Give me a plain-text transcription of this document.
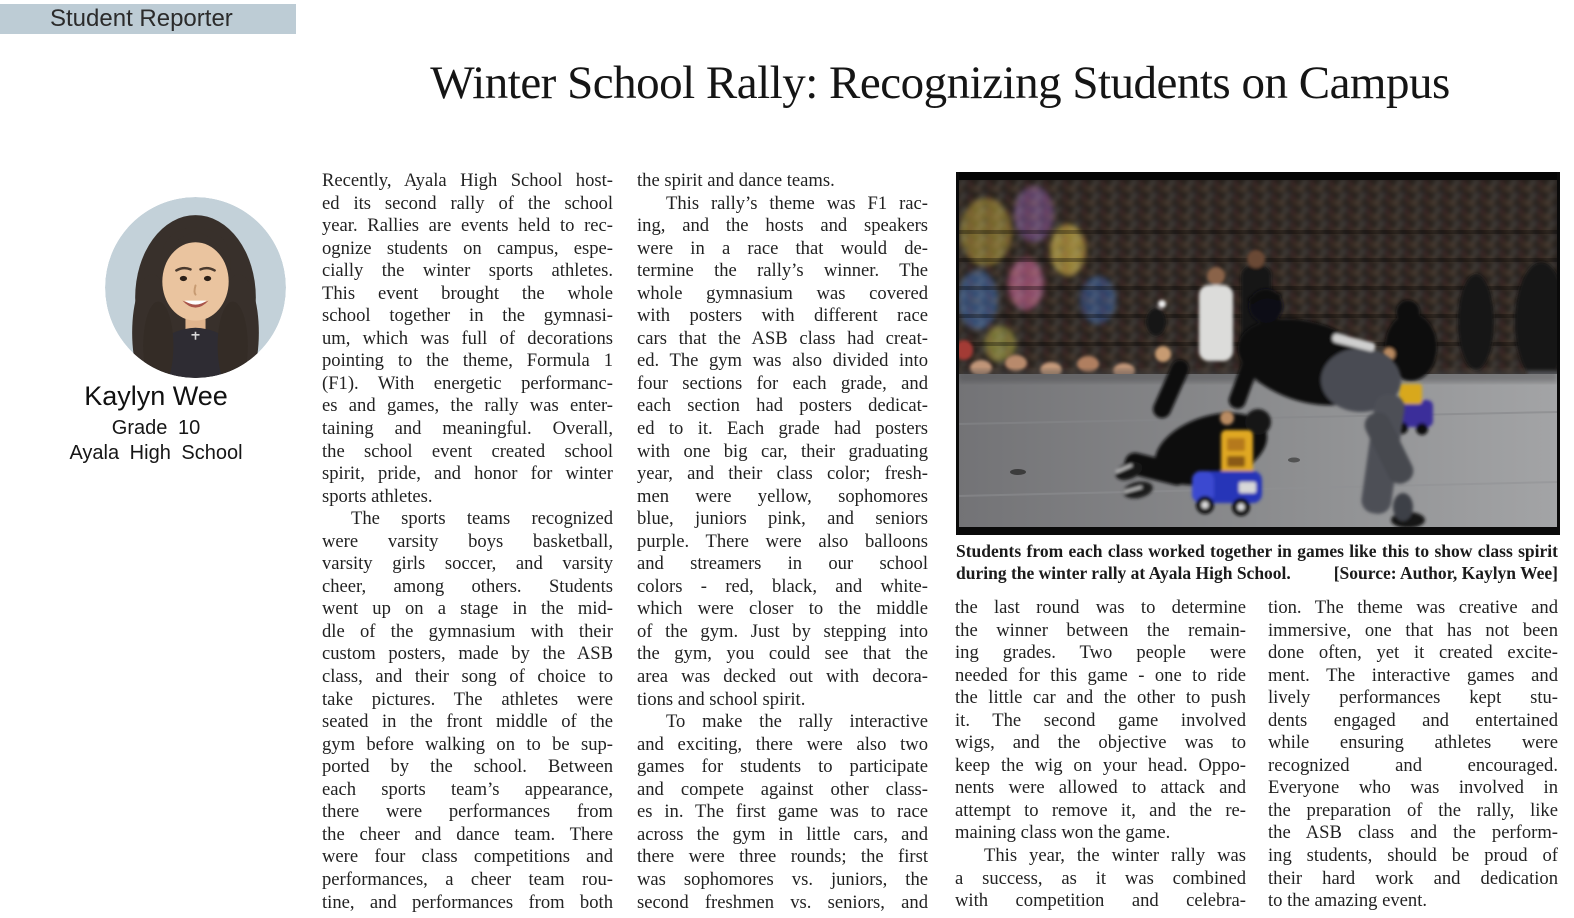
Student Reporter
Winter School Rally: Recognizing Students on Campus
Kaylyn Wee
Grade 10
Ayala High School
Recently, Ayala High School host-
ed its second rally of the school
year. Rallies are events held to rec-
ognize students on campus, espe-
cially the winter sports athletes.
This event brought the whole
school together in the gymnasi-
um, which was full of decorations
pointing to the theme, Formula 1
(F1). With energetic performanc-
es and games, the rally was enter-
taining and meaningful. Overall,
the school event created school
spirit, pride, and honor for winter
sports athletes.
The sports teams recognized
were varsity boys basketball,
varsity girls soccer, and varsity
cheer, among others. Students
went up on a stage in the mid-
dle of the gymnasium with their
custom posters, made by the ASB
class, and their song of choice to
take pictures. The athletes were
seated in the front middle of the
gym before walking on to be sup-
ported by the school. Between
each sports team’s appearance,
there were performances from
the cheer and dance team. There
were four class competitions and
performances, a cheer team rou-
tine, and performances from both
the spirit and dance teams.
This rally’s theme was F1 rac-
ing, and the hosts and speakers
were in a race that would de-
termine the rally’s winner. The
whole gymnasium was covered
with posters with different race
cars that the ASB class had creat-
ed. The gym was also divided into
four sections for each grade, and
each section had posters dedicat-
ed to it. Each grade had posters
with one big car, their graduating
year, and their class color; fresh-
men were yellow, sophomores
blue, juniors pink, and seniors
purple. There were also balloons
and streamers in our school
colors - red, black, and white-
which were closer to the middle
of the gym. Just by stepping into
the gym, you could see that the
area was decked out with decora-
tions and school spirit.
To make the rally interactive
and exciting, there were also two
games for students to participate
and compete against other class-
es in. The first game was to race
across the gym in little cars, and
there were three rounds; the first
was sophomores vs. juniors, the
second freshmen vs. seniors, and
the last round was to determine
the winner between the remain-
ing grades. Two people were
needed for this game - one to ride
the little car and the other to push
it. The second game involved
wigs, and the objective was to
keep the wig on your head. Oppo-
nents were allowed to attack and
attempt to remove it, and the re-
maining class won the game.
This year, the winter rally was
a success, as it was combined
with competition and celebra-
tion. The theme was creative and
immersive, one that has not been
done often, yet it created excite-
ment. The interactive games and
lively performances kept stu-
dents engaged and entertained
while ensuring athletes were
recognized and encouraged.
Everyone who was involved in
the preparation of the rally, like
the ASB class and the perform-
ing students, should be proud of
their hard work and dedication
to the amazing event.
Students from each class worked together in games like this to show class spirit
during the winter rally at Ayala High School. [Source: Author, Kaylyn Wee]
